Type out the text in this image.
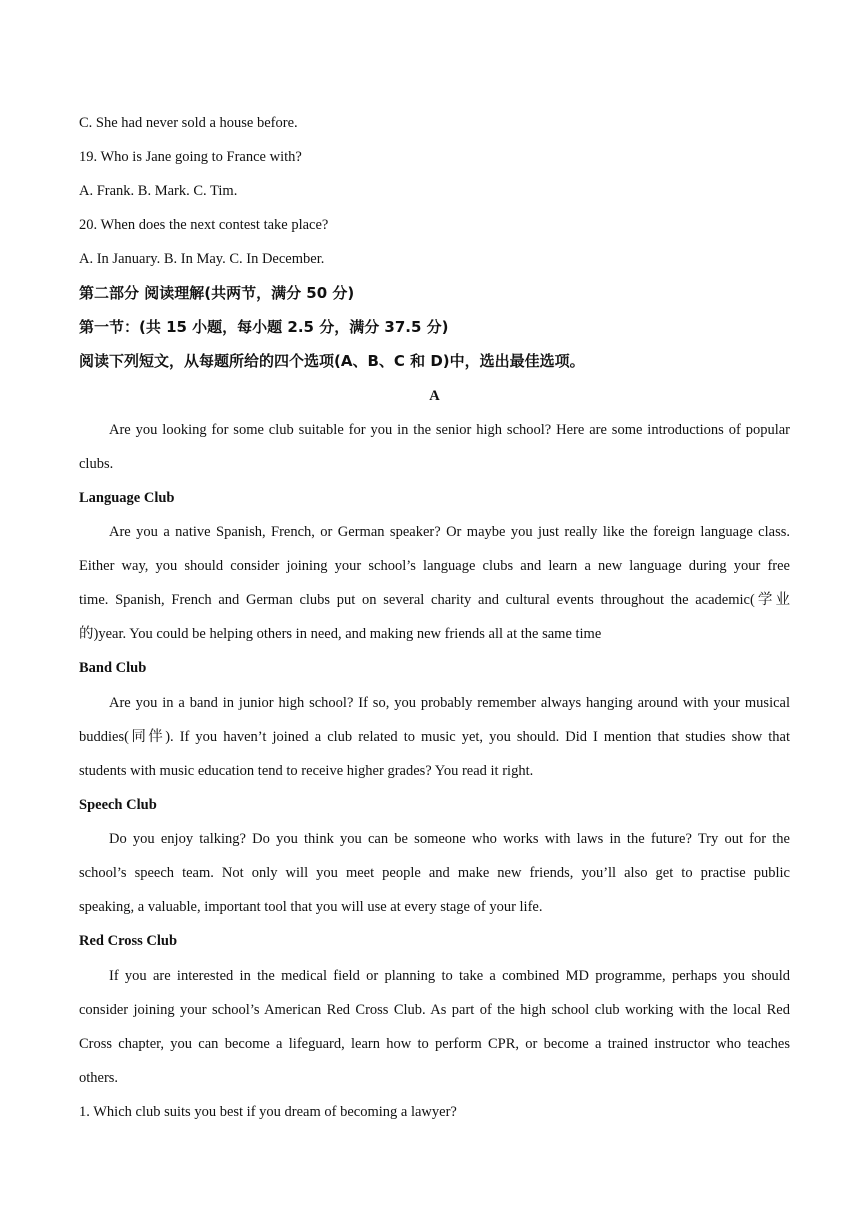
C. She had never sold a house before.
19. Who is Jane going to France with?
A. Frank. B. Mark. C. Tim.
20. When does the next contest take place?
A. In January. B. In May. C. In December.
第二部分 阅读理解(共两节，满分 50 分)
第一节：(共 15 小题，每小题 2.5 分，满分 37.5 分)
阅读下列短文，从每题所给的四个选项(A、B、C 和 D)中，选出最佳选项。
A
Are you looking for some club suitable for you in the senior high school? Here are some introductions of popular
clubs.
Language Club
Are you a native Spanish, French, or German speaker? Or maybe you just really like the foreign language class.
Either way, you should consider joining your school’s language clubs and learn a new language during your free
time. Spanish, French and German clubs put on several charity and cultural events throughout the academic(学业
的)year. You could be helping others in need, and making new friends all at the same time
Band Club
Are you in a band in junior high school? If so, you probably remember always hanging around with your musical
buddies(同伴). If you haven’t joined a club related to music yet, you should. Did I mention that studies show that
students with music education tend to receive higher grades? You read it right.
Speech Club
Do you enjoy talking? Do you think you can be someone who works with laws in the future? Try out for the
school’s speech team. Not only will you meet people and make new friends, you’ll also get to practise public
speaking, a valuable, important tool that you will use at every stage of your life.
Red Cross Club
If you are interested in the medical field or planning to take a combined MD programme, perhaps you should
consider joining your school’s American Red Cross Club. As part of the high school club working with the local Red
Cross chapter, you can become a lifeguard, learn how to perform CPR, or become a trained instructor who teaches
others.
1. Which club suits you best if you dream of becoming a lawyer?
